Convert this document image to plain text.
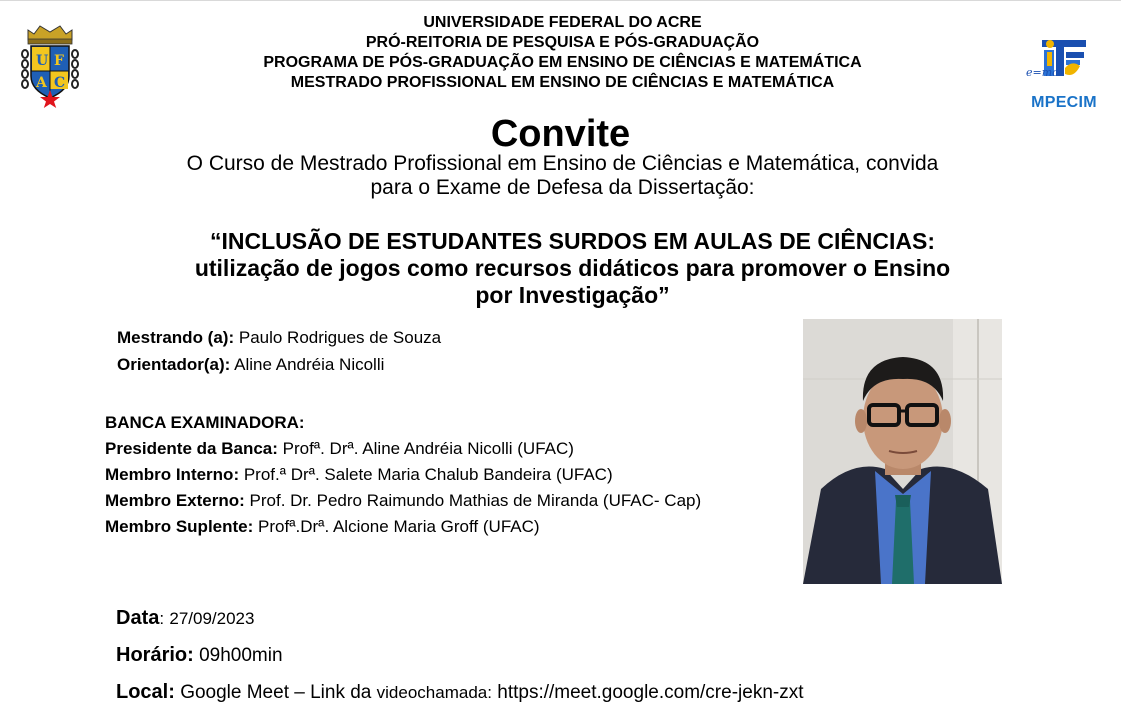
U F
A C
e=mc²
MPECIM
UNIVERSIDADE FEDERAL DO ACRE
PRÓ-REITORIA DE PESQUISA E PÓS-GRADUAÇÃO
PROGRAMA DE PÓS-GRADUAÇÃO EM ENSINO DE CIÊNCIAS E MATEMÁTICA
MESTRADO PROFISSIONAL EM ENSINO DE CIÊNCIAS E MATEMÁTICA
Convite
O Curso de Mestrado Profissional em Ensino de Ciências e Matemática, convida
para o Exame de Defesa da Dissertação:
“INCLUSÃO DE ESTUDANTES SURDOS EM AULAS DE CIÊNCIAS:
utilização de jogos como recursos didáticos para promover o Ensino
por Investigação”
Mestrando (a): Paulo Rodrigues de Souza
Orientador(a): Aline Andréia Nicolli
BANCA EXAMINADORA:
Presidente da Banca: Profª. Drª. Aline Andréia Nicolli (UFAC)
Membro Interno: Prof.ª Drª. Salete Maria Chalub Bandeira (UFAC)
Membro Externo: Prof. Dr. Pedro Raimundo Mathias de Miranda (UFAC- Cap)
Membro Suplente: Profª.Drª. Alcione Maria Groff (UFAC)
Data: 27/09/2023
Horário: 09h00min
Local: Google Meet – Link da videochamada: https://meet.google.com/cre-jekn-zxt
